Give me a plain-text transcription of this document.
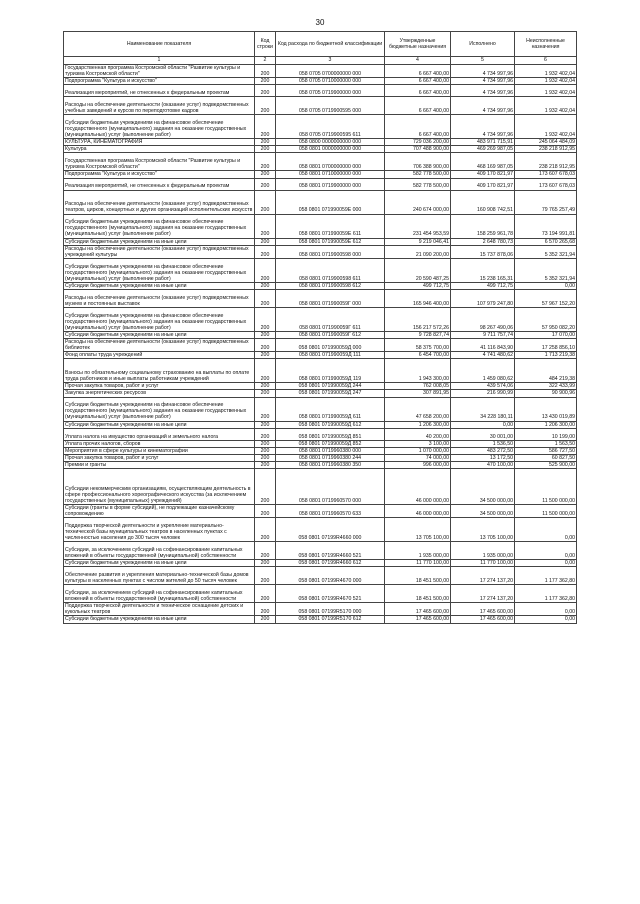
30
Наименование показателя	Код строки	Код расхода по бюджетной классификации	Утвержденные бюджетные назначения	Исполнено	Неисполненные назначения
1	2	3	4	5	6
Государственная программа Костромской области "Развитие культуры и туризма Костромской области"	200	058 0705 0700000000 000	6 667 400,00	4 734 997,96	1 932 402,04
Подпрограмма "Культура и искусство"	200	058 0705 0710000000 000	6 667 400,00	4 734 997,96	1 932 402,04
Реализация мероприятий, не отнесенных к федеральным проектам	200	058 0705 0719900000 000	6 667 400,00	4 734 997,96	1 932 402,04
Расходы на обеспечение деятельности (оказание услуг) подведомственных учебных заведений и курсов по переподготовке кадров	200	058 0705 0719900595 000	6 667 400,00	4 734 997,96	1 932 402,04
Субсидии бюджетным учреждениям на финансовое обеспечение государственного (муниципального) задания на оказание государственных (муниципальных) услуг (выполнение работ)	200	058 0705 0719900595 611	6 667 400,00	4 734 997,96	1 932 402,04
КУЛЬТУРА, КИНЕМАТОГРАФИЯ	200	058 0800 0000000000 000	729 036 200,00	483 971 715,91	245 064 484,09
Культура	200	058 0801 0000000000 000	707 488 900,00	469 269 987,05	238 218 912,95
Государственная программа Костромской области "Развитие культуры и туризма Костромской области"	200	058 0801 0700000000 000	706 388 900,00	468 169 987,05	238 218 912,95
Подпрограмма "Культура и искусство"	200	058 0801 0710000000 000	582 778 500,00	409 170 821,97	173 607 678,03
Реализация мероприятий, не отнесенных к федеральным проектам	200	058 0801 0719900000 000	582 778 500,00	409 170 821,97	173 607 678,03
Расходы на обеспечение деятельности (оказание услуг) подведомственных театров, цирков, концертных и других организаций исполнительских искусств	200	058 0801 071990059Е 000	240 674 000,00	160 908 742,51	79 765 257,49
Субсидии бюджетным учреждениям на финансовое обеспечение государственного (муниципального) задания на оказание государственных (муниципальных) услуг (выполнение работ)	200	058 0801 071990059Е 611	231 454 953,59	158 259 961,78	73 194 991,81
Субсидии бюджетным учреждениям на иные цели	200	058 0801 071990059Е 612	9 219 046,41	2 648 780,73	6 570 265,68
Расходы на обеспечение деятельности (оказание услуг) подведомственных учреждений культуры	200	058 0801 0719900598 000	21 090 200,00	15 737 878,06	5 352 321,94
Субсидии бюджетным учреждениям на финансовое обеспечение государственного (муниципального) задания на оказание государственных (муниципальных) услуг (выполнение работ)	200	058 0801 0719900598 611	20 590 487,25	15 238 165,31	5 352 321,94
Субсидии бюджетным учреждениям на иные цели	200	058 0801 0719900598 612	499 712,75	499 712,75	0,00
Расходы на обеспечение деятельности (оказание услуг) подведомственных музеев и постоянных выставок	200	058 0801 071990059Г 000	165 946 400,00	107 979 247,80	57 967 152,20
Субсидии бюджетным учреждениям на финансовое обеспечение государственного (муниципального) задания на оказание государственных (муниципальных) услуг (выполнение работ)	200	058 0801 071990059Г 611	156 217 572,26	98 267 490,06	57 950 082,20
Субсидии бюджетным учреждениям на иные цели	200	058 0801 071990059Г 612	9 728 827,74	9 711 757,74	17 070,00
Расходы на обеспечение деятельности (оказание услуг) подведомственных библиотек	200	058 0801 071990059Д 000	58 375 700,00	41 116 843,90	17 258 856,10
Фонд оплаты труда учреждений	200	058 0801 071990059Д 111	6 454 700,00	4 741 480,62	1 713 219,38
Взносы по обязательному социальному страхованию на выплаты по оплате труда работников и иные выплаты работникам учреждений	200	058 0801 071990059Д 119	1 943 300,00	1 459 080,62	484 219,38
Прочая закупка товаров, работ и услуг	200	058 0801 071990059Д 244	762 008,05	439 574,06	322 433,99
Закупка энергетических ресурсов	200	058 0801 071990059Д 247	307 891,95	216 990,99	90 900,96
Субсидии бюджетным учреждениям на финансовое обеспечение государственного (муниципального) задания на оказание государственных (муниципальных) услуг (выполнение работ)	200	058 0801 071990059Д 611	47 658 200,00	34 228 180,11	13 430 019,89
Субсидии бюджетным учреждениям на иные цели	200	058 0801 071990059Д 612	1 206 300,00	0,00	1 206 300,00
Уплата налога на имущество организаций и земельного налога	200	058 0801 071990059Д 851	40 200,00	30 001,00	10 199,00
Уплата прочих налогов, сборов	200	058 0801 071990059Д 852	3 100,00	1 536,50	1 563,50
Мероприятия в сфере культуры и кинематографии	200	058 0801 0719960380 000	1 070 000,00	483 272,50	586 727,50
Прочая закупка товаров, работ и услуг	200	058 0801 0719960380 244	74 000,00	13 172,50	60 827,50
Премии и гранты	200	058 0801 0719960380 350	996 000,00	470 100,00	525 900,00
Субсидии некоммерческим организациям, осуществляющим деятельность в сфере профессионального хореографического искусства (за исключением государственных (муниципальных) учреждений)	200	058 0801 0719960570 000	46 000 000,00	34 500 000,00	11 500 000,00
Субсидии (гранты в форме субсидий), не подлежащие казначейскому сопровождению	200	058 0801 0719960570 633	46 000 000,00	34 500 000,00	11 500 000,00
Поддержка творческой деятельности и укрепление материально-технической базы муниципальных театров в населенных пунктах с численностью населения до 300 тысяч человек	200	058 0801 07199R4660 000	13 705 100,00	13 705 100,00	0,00
Субсидии, за исключением субсидий на софинансирование капитальных вложений в объекты государственной (муниципальной) собственности	200	058 0801 07199R4660 521	1 935 000,00	1 935 000,00	0,00
Субсидии бюджетным учреждениям на иные цели	200	058 0801 07199R4660 612	11 770 100,00	11 770 100,00	0,00
Обеспечение развития и укрепления материально-технической базы домов культуры в населенных пунктах с числом жителей до 50 тысяч человек	200	058 0801 07199R4670 000	18 451 500,00	17 274 137,20	1 177 362,80
Субсидии, за исключением субсидий на софинансирование капитальных вложений в объекты государственной (муниципальной) собственности	200	058 0801 07199R4670 521	18 451 500,00	17 274 137,20	1 177 362,80
Поддержка творческой деятельности и техническое оснащение детских и кукольных театров	200	058 0801 07199R5170 000	17 465 600,00	17 465 600,00	0,00
Субсидии бюджетным учреждениям на иные цели	200	058 0801 07199R5170 612	17 465 600,00	17 465 600,00	0,00
